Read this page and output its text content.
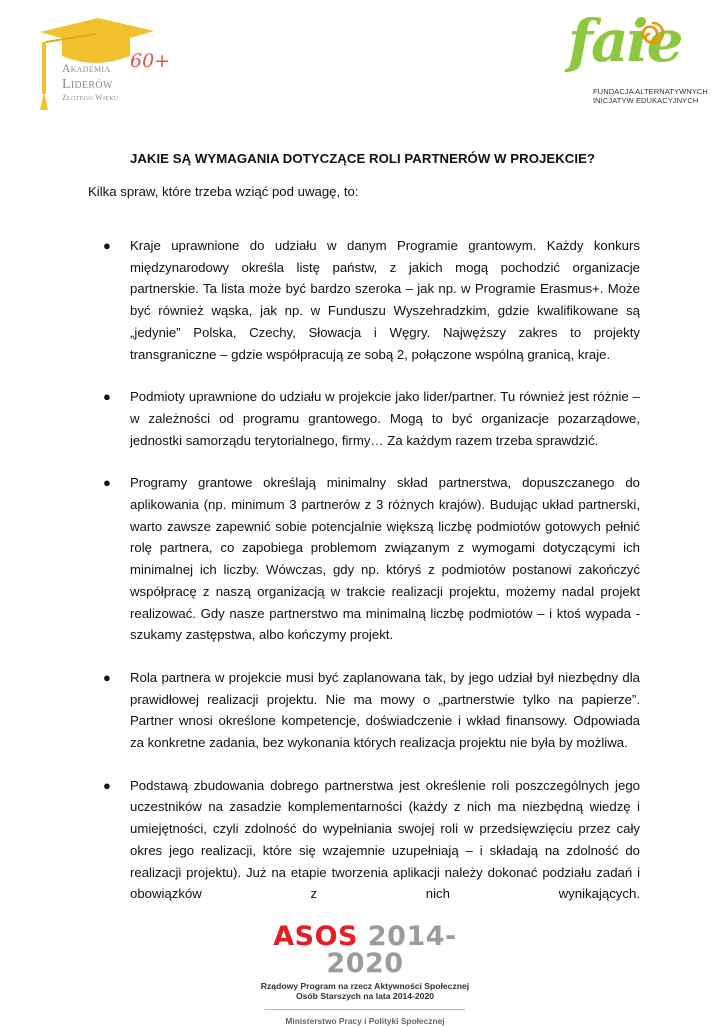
Akademia
Liderów
Złotego Wieku
60+	faie
FUNDACJA ALTERNATYWNYCH
INICJATYW EDUKACYJNYCH
JAKIE SĄ WYMAGANIA DOTYCZĄCE ROLI PARTNERÓW W PROJEKCIE?
Kilka spraw, które trzeba wziąć pod uwagę, to:
● Kraje uprawnione do udziału w danym Programie grantowym. Każdy konkurs międzynarodowy określa listę państw, z jakich mogą pochodzić organizacje partnerskie. Ta lista może być bardzo szeroka – jak np. w Programie Erasmus+. Może być również wąska, jak np. w Funduszu Wyszehradzkim, gdzie kwalifikowane są „jedynie” Polska, Czechy, Słowacja i Węgry. Najwęższy zakres to projekty transgraniczne – gdzie współpracują ze sobą 2, połączone wspólną granicą, kraje.
● Podmioty uprawnione do udziału w projekcie jako lider/partner. Tu również jest różnie – w zależności od programu grantowego. Mogą to być organizacje pozarządowe, jednostki samorządu terytorialnego, firmy… Za każdym razem trzeba sprawdzić.
● Programy grantowe określają minimalny skład partnerstwa, dopuszczanego do aplikowania (np. minimum 3 partnerów z 3 różnych krajów). Budując układ partnerski, warto zawsze zapewnić sobie potencjalnie większą liczbę podmiotów gotowych pełnić rolę partnera, co zapobiega problemom związanym z wymogami dotyczącymi ich minimalnej ich liczby. Wówczas, gdy np. któryś z podmiotów postanowi zakończyć współpracę z naszą organizacją w trakcie realizacji projektu, możemy nadal projekt realizować. Gdy nasze partnerstwo ma minimalną liczbę podmiotów – i ktoś wypada - szukamy zastępstwa, albo kończymy projekt.
● Rola partnera w projekcie musi być zaplanowana tak, by jego udział był niezbędny dla prawidłowej realizacji projektu. Nie ma mowy o „partnerstwie tylko na papierze”. Partner wnosi określone kompetencje, doświadczenie i wkład finansowy. Odpowiada za konkretne zadania, bez wykonania których realizacja projektu nie była by możliwa.
● Podstawą zbudowania dobrego partnerstwa jest określenie roli poszczególnych jego uczestników na zasadzie komplementarności (każdy z nich ma niezbędną wiedzę i umiejętności, czyli zdolność do wypełniania swojej roli w przedsięwzięciu przez cały okres jego realizacji, które się wzajemnie uzupełniają – i składają na zdolność do realizacji projektu). Już na etapie tworzenia aplikacji należy dokonać podziału zadań i obowiązków z nich wynikających.
ASOS 2014-2020
Rządowy Program na rzecz Aktywności Społecznej
Osób Starszych na lata 2014-2020
Ministerstwo Pracy i Polityki Społecznej
